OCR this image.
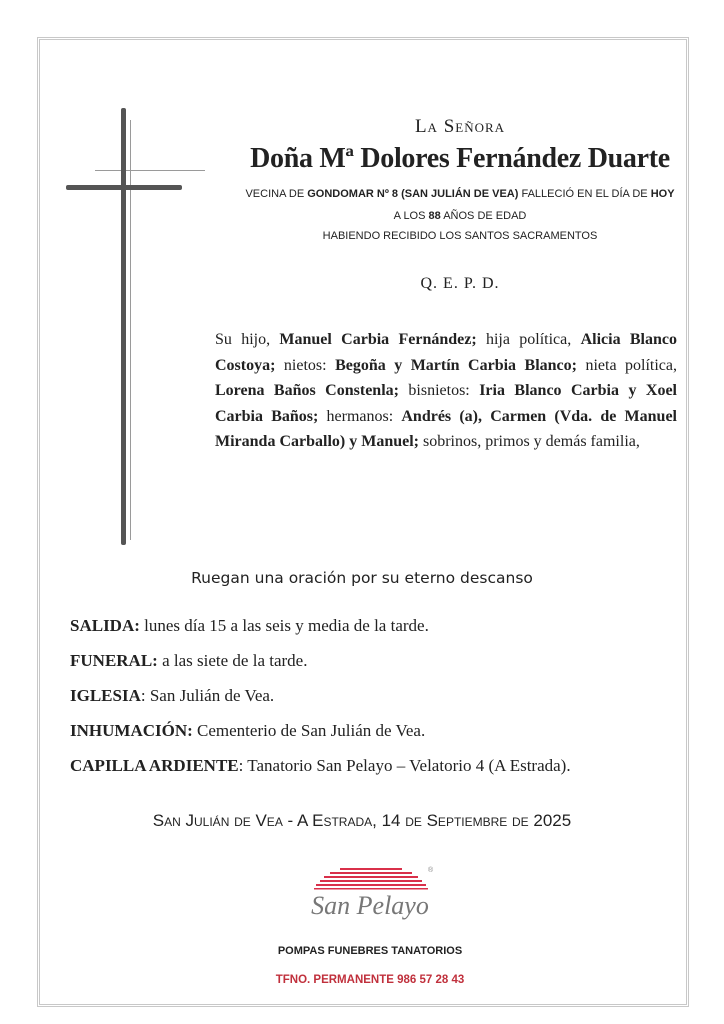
La Señora
Doña Mª Dolores Fernández Duarte
VECINA DE GONDOMAR Nº 8 (SAN JULIÁN DE VEA) FALLECIÓ EN EL DÍA DE HOY
A LOS 88 AÑOS DE EDAD
HABIENDO RECIBIDO LOS SANTOS SACRAMENTOS
Q. E. P. D.
Su hijo, Manuel Carbia Fernández; hija política, Alicia Blanco Costoya; nietos: Begoña y Martín Carbia Blanco; nieta política, Lorena Baños Constenla; bisnietos: Iria Blanco Carbia y Xoel Carbia Baños; hermanos: Andrés (a), Carmen (Vda. de Manuel Miranda Carballo) y Manuel; sobrinos, primos y demás familia,
Ruegan una oración por su eterno descanso
SALIDA: lunes día 15 a las seis y media de la tarde.
FUNERAL: a las siete de la tarde.
IGLESIA: San Julián de Vea.
INHUMACIÓN: Cementerio de San Julián de Vea.
CAPILLA ARDIENTE: Tanatorio San Pelayo – Velatorio 4 (A Estrada).
San Julián de Vea - A Estrada, 14 de Septiembre de 2025
®
San Pelayo
POMPAS FUNEBRES TANATORIOS
TFNO. PERMANENTE 986 57 28 43
